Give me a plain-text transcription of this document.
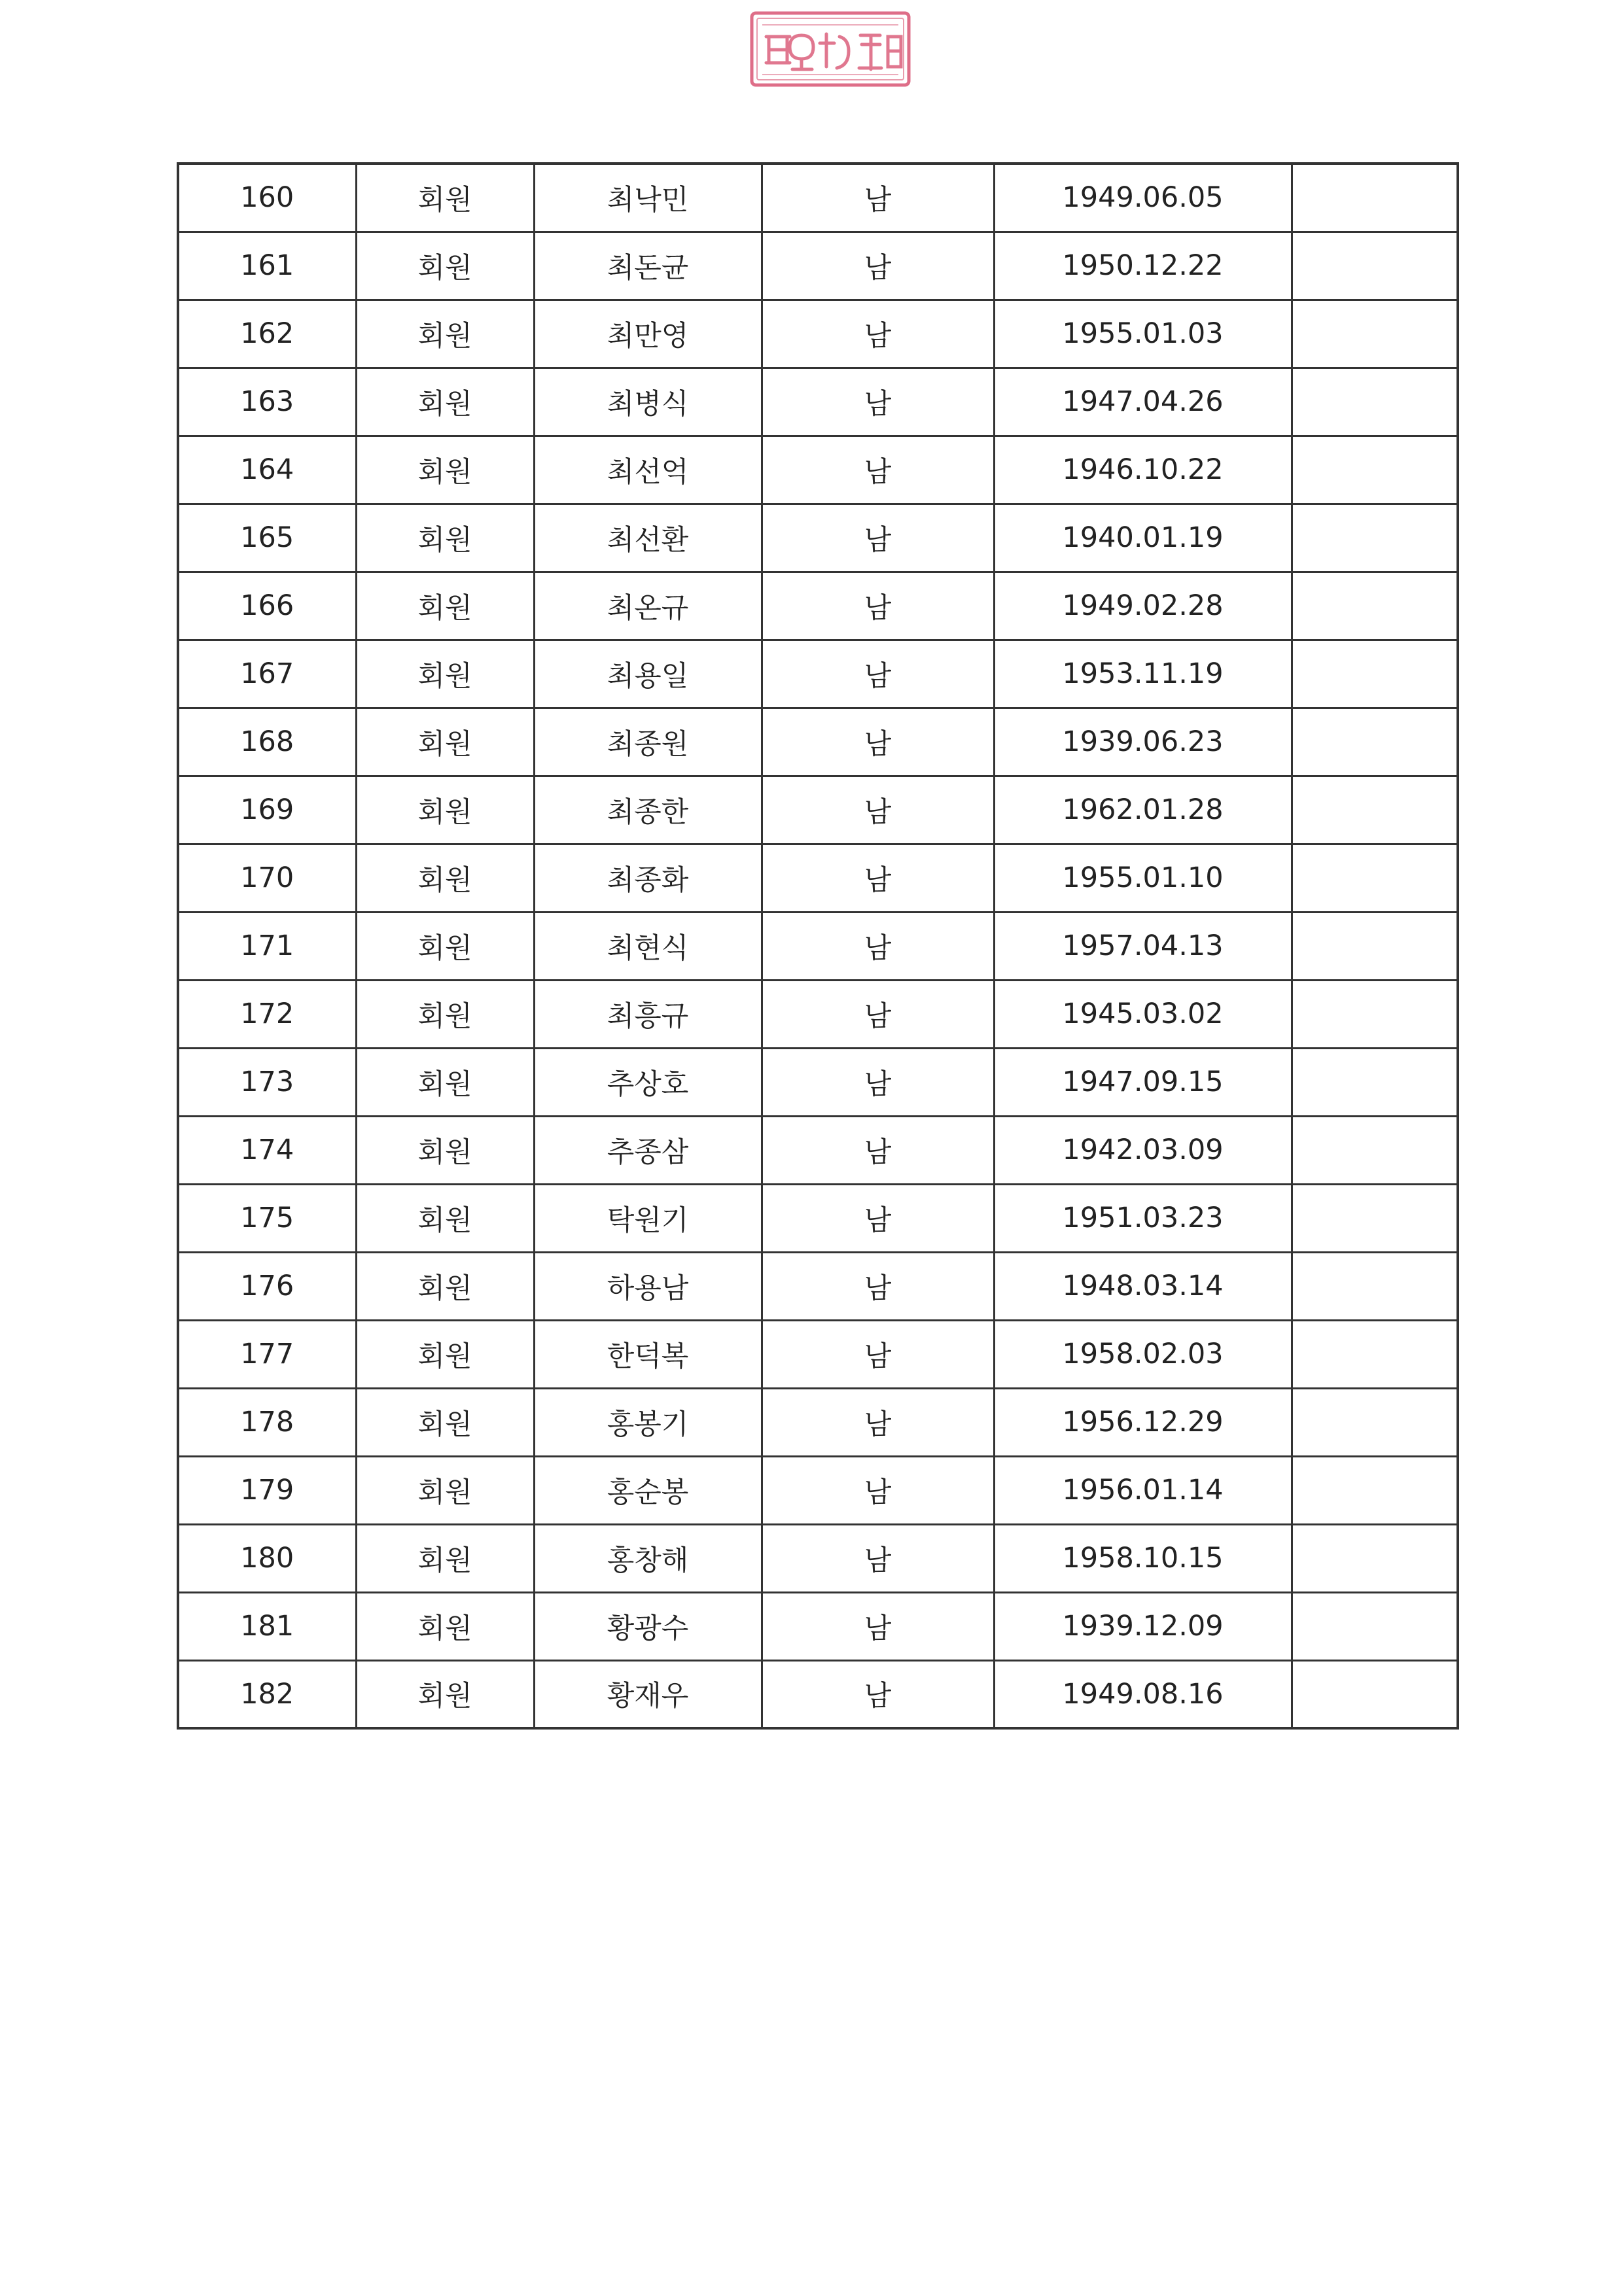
160	회원	최낙민	남	1949.06.05	
161	회원	최돈균	남	1950.12.22	
162	회원	최만영	남	1955.01.03	
163	회원	최병식	남	1947.04.26	
164	회원	최선억	남	1946.10.22	
165	회원	최선환	남	1940.01.19	
166	회원	최온규	남	1949.02.28	
167	회원	최용일	남	1953.11.19	
168	회원	최종원	남	1939.06.23	
169	회원	최종한	남	1962.01.28	
170	회원	최종화	남	1955.01.10	
171	회원	최현식	남	1957.04.13	
172	회원	최흥규	남	1945.03.02	
173	회원	추상호	남	1947.09.15	
174	회원	추종삼	남	1942.03.09	
175	회원	탁원기	남	1951.03.23	
176	회원	하용남	남	1948.03.14	
177	회원	한덕복	남	1958.02.03	
178	회원	홍봉기	남	1956.12.29	
179	회원	홍순봉	남	1956.01.14	
180	회원	홍창해	남	1958.10.15	
181	회원	황광수	남	1939.12.09	
182	회원	황재우	남	1949.08.16	
